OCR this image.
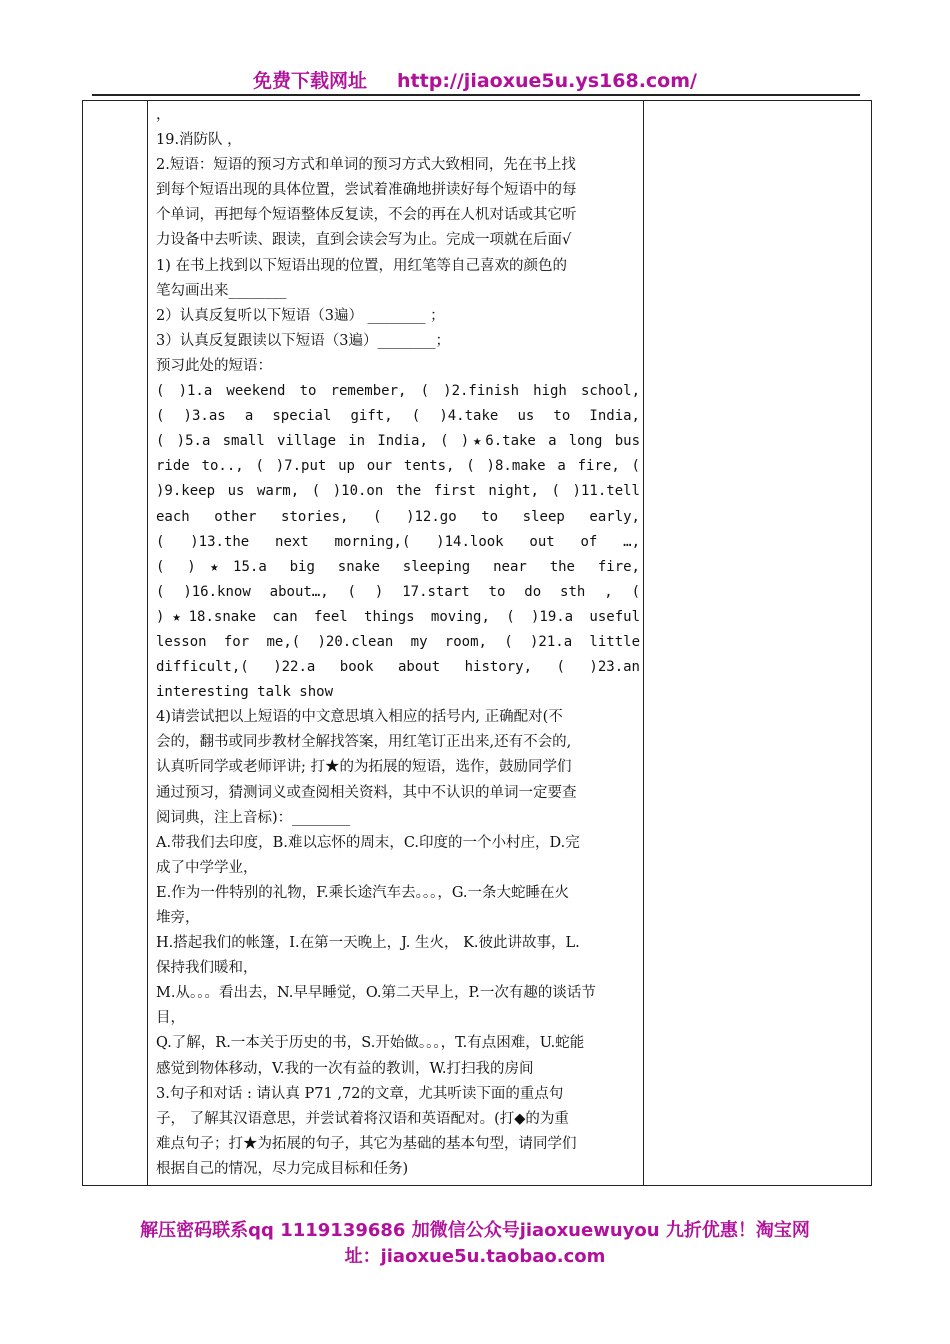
免费下载网址 http://jiaoxue5u.ys168.com/
，
19.消防队 ，
2.短语：短语的预习方式和单词的预习方式大致相同，先在书上找
到每个短语出现的具体位置，尝试着准确地拼读好每个短语中的每
个单词，再把每个短语整体反复读，不会的再在人机对话或其它听
力设备中去听读、跟读，直到会读会写为止。完成一项就在后面√
1) 在书上找到以下短语出现的位置，用红笔等自己喜欢的颜色的
笔勾画出来________
2）认真反复听以下短语（3遍） ________ ；
3）认真反复跟读以下短语（3遍）________；
预习此处的短语：
( )1.a weekend to remember, ( )2.finish high school,
( )3.as a special gift, ( )4.take us to India,
( )5.a small village in India, ( )★6.take a long bus
ride to.., ( )7.put up our tents, ( )8.make a fire, (
)9.keep us warm, ( )10.on the first night, ( )11.tell
each other stories, ( )12.go to sleep early,
( )13.the next morning,( )14.look out of …,
( )★15.a big snake sleeping near the fire,
( )16.know about…, ( ) 17.start to do sth , (
)★18.snake can feel things moving, ( )19.a useful
lesson for me,( )20.clean my room, ( )21.a little
difficult,( )22.a book about history, ( )23.an
interesting talk show
4)请尝试把以上短语的中文意思填入相应的括号内, 正确配对(不
会的，翻书或同步教材全解找答案，用红笔订正出来,还有不会的,
认真听同学或老师评讲; 打★的为拓展的短语，选作，鼓励同学们
通过预习，猜测词义或查阅相关资料，其中不认识的单词一定要查
阅词典，注上音标)：________
A.带我们去印度，B.难以忘怀的周末，C.印度的一个小村庄，D.完
成了中学学业，
E.作为一件特别的礼物，F.乘长途汽车去。。。，G.一条大蛇睡在火
堆旁，
H.搭起我们的帐篷，I.在第一天晚上，J. 生火， K.彼此讲故事，L.
保持我们暖和，
M.从。。。看出去，N.早早睡觉，O.第二天早上，P.一次有趣的谈话节
目，
Q.了解，R.一本关于历史的书，S.开始做。。。，T.有点困难，U.蛇能
感觉到物体移动，V.我的一次有益的教训，W.打扫我的房间
3.句子和对话 : 请认真 P71 ,72的文章，尤其听读下面的重点句
子， 了解其汉语意思，并尝试着将汉语和英语配对。(打◆的为重
难点句子；打★为拓展的句子，其它为基础的基本句型，请同学们
根据自己的情况，尽力完成目标和任务)
解压密码联系qq 1119139686 加微信公众号jiaoxuewuyou 九折优惠！淘宝网
址：jiaoxue5u.taobao.com
